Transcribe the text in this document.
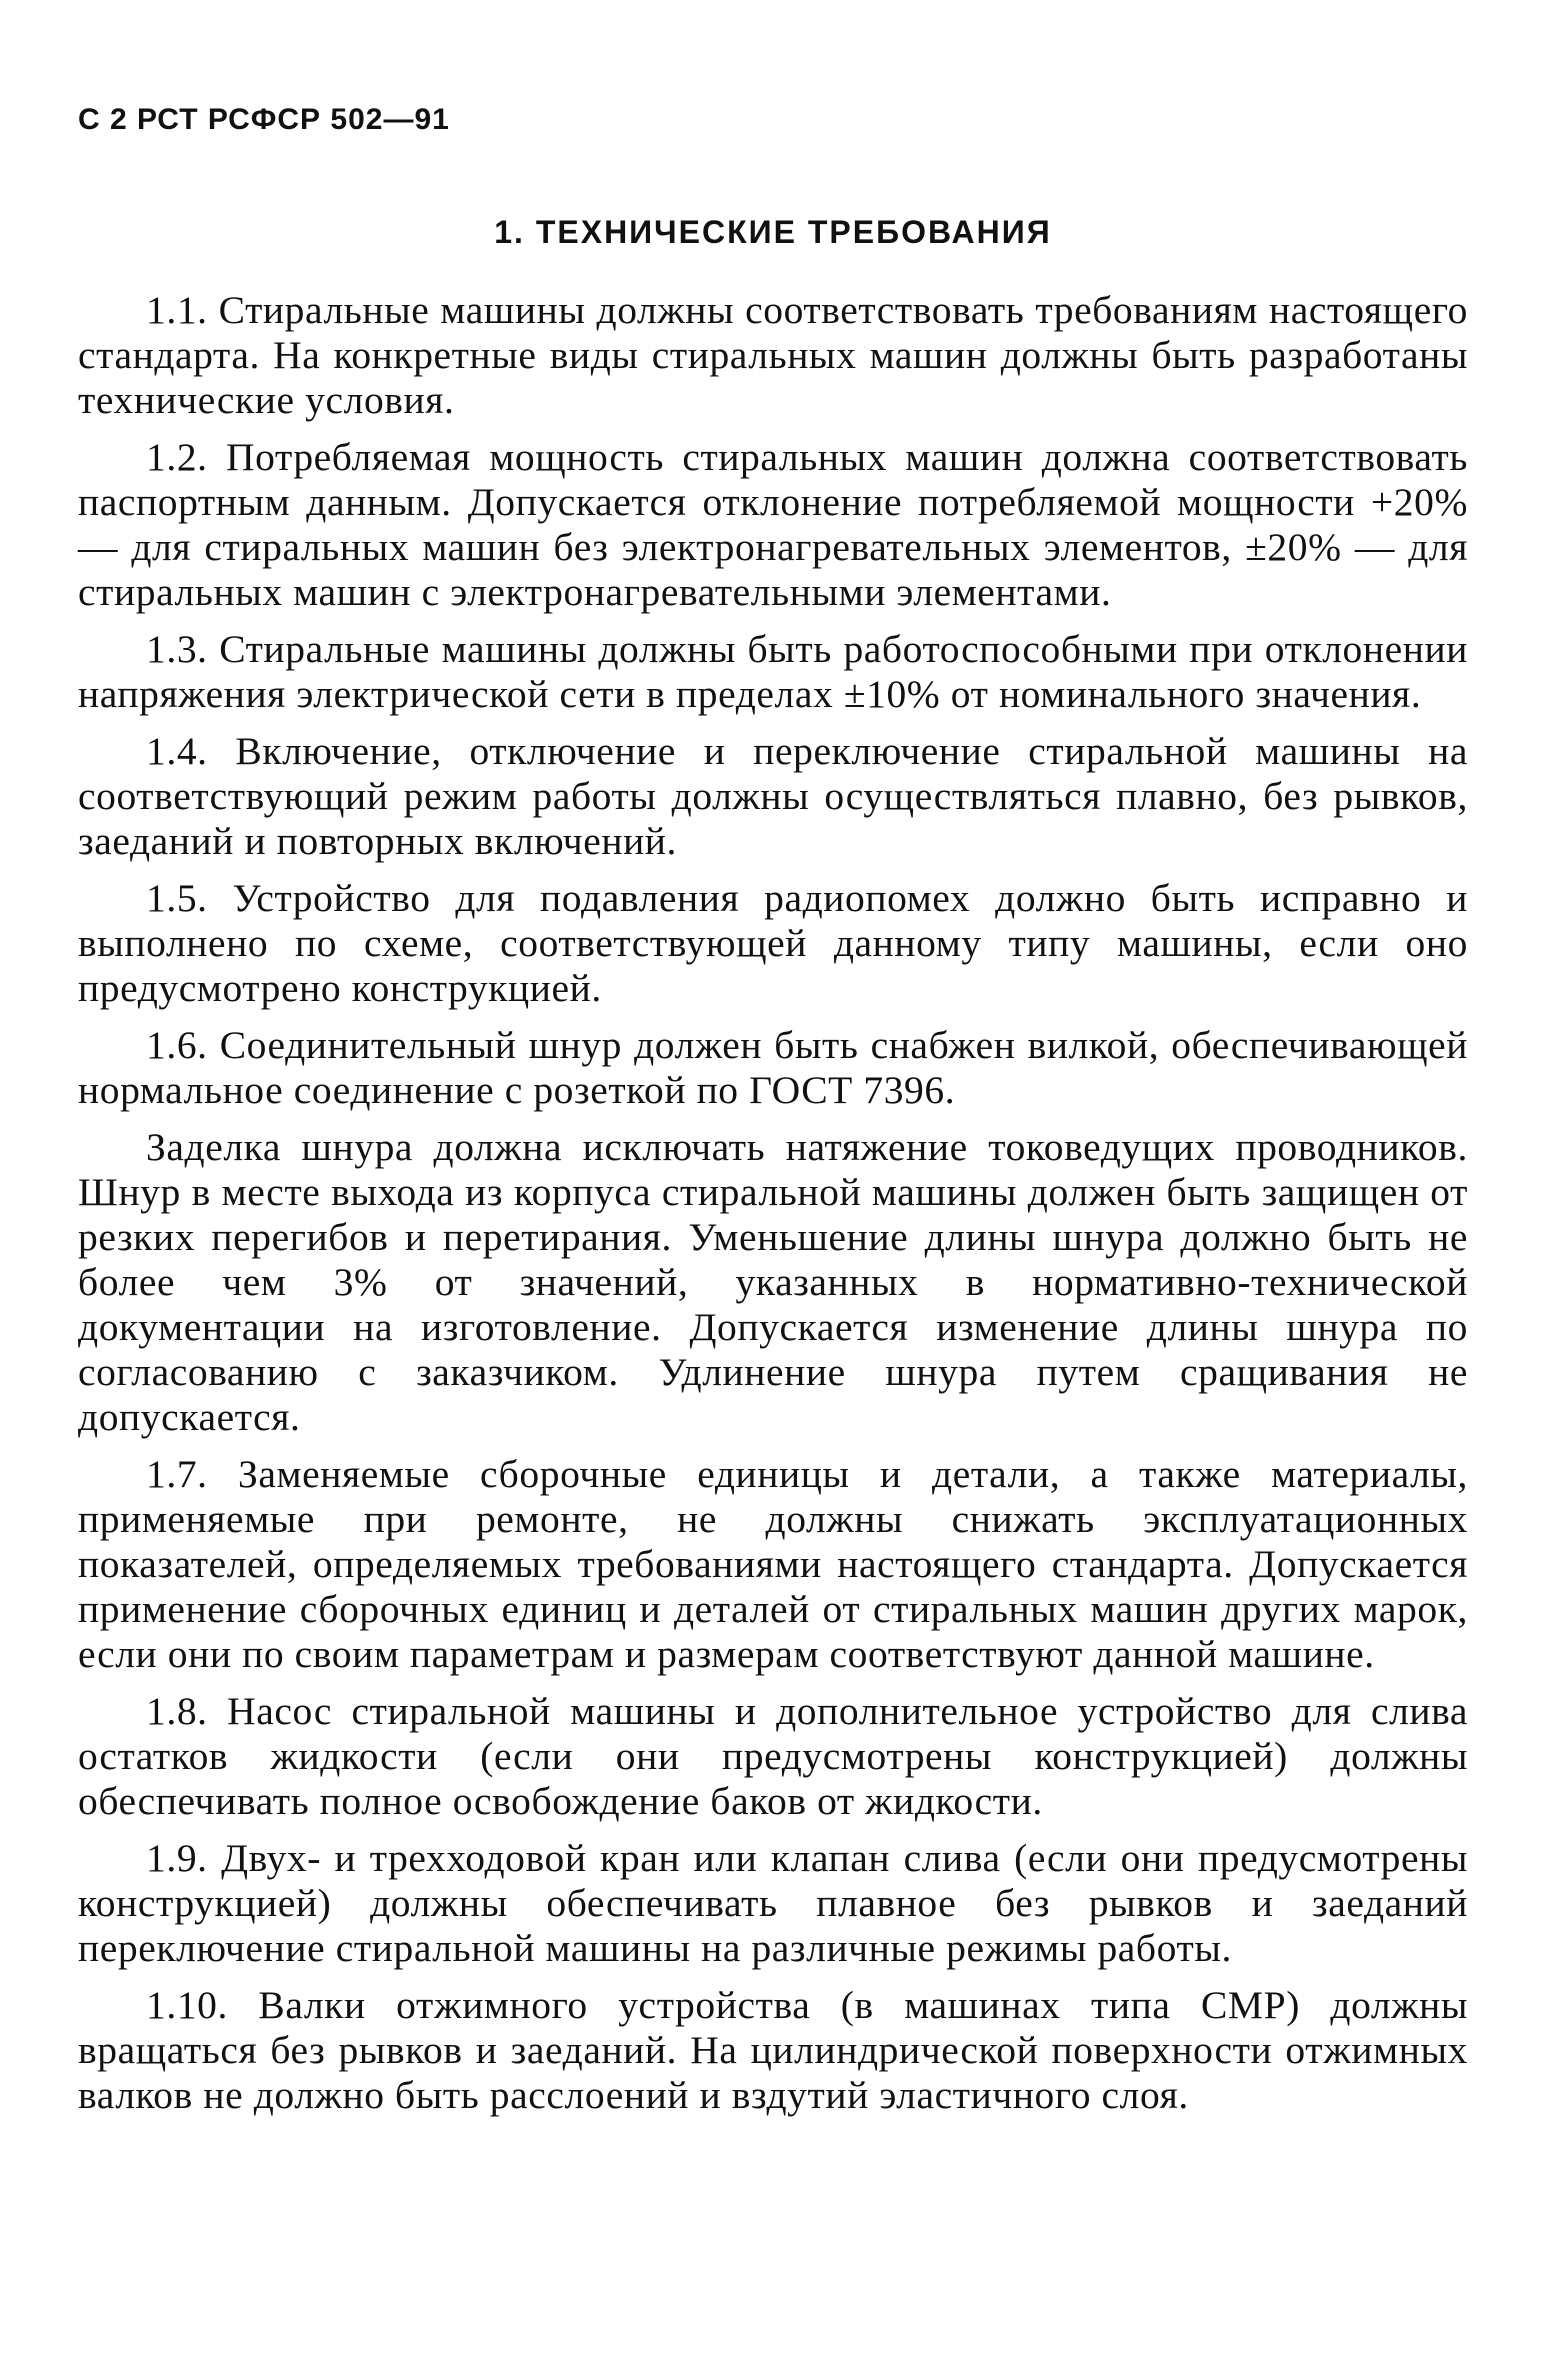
С 2 РСТ РСФСР 502—91
1. ТЕХНИЧЕСКИЕ ТРЕБОВАНИЯ

1.1. Стиральные машины должны соответствовать требованиям настоящего стандарта. На конкретные виды стиральных машин должны быть разработаны технические условия.

1.2. Потребляемая мощность стиральных машин должна соответствовать паспортным данным. Допускается отклонение потребляемой мощности +20% — для стиральных машин без электронагревательных элементов, ±20% — для стиральных машин с электронагревательными элементами.

1.3. Стиральные машины должны быть работоспособными при отклонении напряжения электрической сети в пределах ±10% от номинального значения.

1.4. Включение, отключение и переключение стиральной машины на соответствующий режим работы должны осуществляться плавно, без рывков, заеданий и повторных включений.

1.5. Устройство для подавления радиопомех должно быть исправно и выполнено по схеме, соответствующей данному типу машины, если оно предусмотрено конструкцией.

1.6. Соединительный шнур должен быть снабжен вилкой, обеспечивающей нормальное соединение с розеткой по ГОСТ 7396.

Заделка шнура должна исключать натяжение токоведущих проводников. Шнур в месте выхода из корпуса стиральной машины должен быть защищен от резких перегибов и перетирания. Уменьшение длины шнура должно быть не более чем 3% от значений, указанных в нормативно-технической документации на изготовление. Допускается изменение длины шнура по согласованию с заказчиком. Удлинение шнура путем сращивания не допускается.

1.7. Заменяемые сборочные единицы и детали, а также материалы, применяемые при ремонте, не должны снижать эксплуатационных показателей, определяемых требованиями настоящего стандарта. Допускается применение сборочных единиц и деталей от стиральных машин других марок, если они по своим параметрам и размерам соответствуют данной машине.

1.8. Насос стиральной машины и дополнительное устройство для слива остатков жидкости (если они предусмотрены конструкцией) должны обеспечивать полное освобождение баков от жидкости.

1.9. Двух- и трехходовой кран или клапан слива (если они предусмотрены конструкцией) должны обеспечивать плавное без рывков и заеданий переключение стиральной машины на различные режимы работы.

1.10. Валки отжимного устройства (в машинах типа СМР) должны вращаться без рывков и заеданий. На цилиндрической поверхности отжимных валков не должно быть расслоений и вздутий эластичного слоя.
